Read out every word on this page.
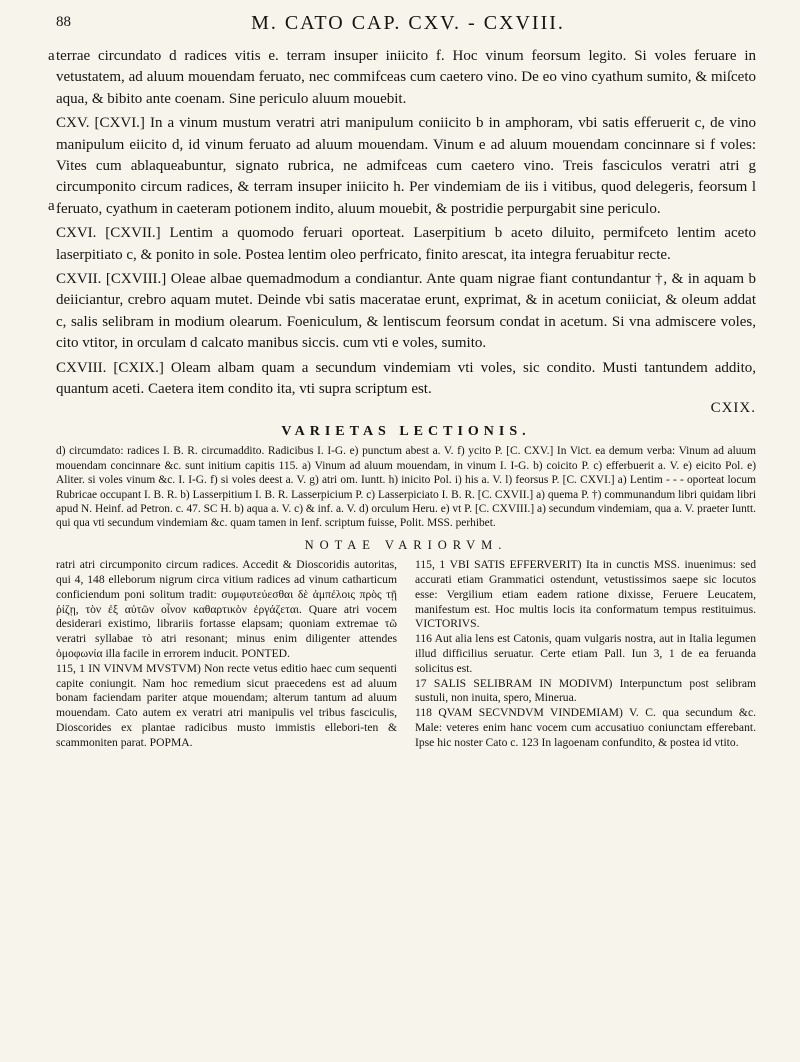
88	M. CATO CAP. CXV. - CXVIII.
a
a

terrae circundato d radices vitis e. terram insuper iniicito f. Hoc vinum feorsum legito. Si voles feruare in vetustatem, ad aluum mouendam feruato, nec commifceas cum caetero vino. De eo vino cyathum sumito, & miſceto aqua, & bibito ante coenam. Sine periculo aluum mouebit.

CXV. [CXVI.] In a vinum mustum veratri atri manipulum coniicito b in amphoram, vbi satis efferuerit c, de vino manipulum eiicito d, id vinum feruato ad aluum mouendam. Vinum e ad aluum mouendam concinnare si f voles: Vites cum ablaqueabuntur, signato rubrica, ne admifceas cum caetero vino. Treis fasciculos veratri atri g circumponito circum radices, & terram insuper iniicito h. Per vindemiam de iis i vitibus, quod delegeris, feorsum l feruato, cyathum in caeteram potionem indito, aluum mouebit, & postridie perpurgabit sine periculo.

CXVI. [CXVII.] Lentim a quomodo feruari oporteat. Laserpitium b aceto diluito, permifceto lentim aceto laserpitiato c, & ponito in sole. Postea lentim oleo perfricato, finito arescat, ita integra feruabitur recte.

CXVII. [CXVIII.] Oleae albae quemadmodum a condiantur. Ante quam nigrae fiant contundantur †, & in aquam b deiiciantur, crebro aquam mutet. Deinde vbi satis maceratae erunt, exprimat, & in acetum coniiciat, & oleum addat c, salis selibram in modium olearum. Foeniculum, & lentiscum feorsum condat in acetum. Si vna admiscere voles, cito vtitor, in orculam d calcato manibus siccis. cum vti e voles, sumito.

CXVIII. [CXIX.] Oleam albam quam a secundum vindemiam vti voles, sic condito. Musti tantundem addito, quantum aceti. Caetera item condito ita, vti supra scriptum est.

CXIX.
VARIETAS LECTIONIS.
d) circumdato: radices I. B. R. circumaddito. Radicibus I. I-G. e) punctum abest a. V. f) ycito P. [C. CXV.] In Vict. ea demum verba: Vinum ad aluum mouendam concinnare &c. sunt initium capitis 115. a) Vinum ad aluum mouendam, in vinum I. I-G. b) coicito P. c) efferbuerit a. V. e) eicito Pol. e) Aliter. si voles vinum &c. I. I-G. f) si voles deest a. V. g) atri om. Iuntt. h) inicito Pol. i) his a. V. l) feorsus P. [C. CXVI.] a) Lentim - - - oporteat locum Rubricae occupant I. B. R. b) Lasserpitium I. B. R. Lasserpicium P. c) Lasserpiciato I. B. R. [C. CXVII.] a) quema P. †) communandum libri quidam libri apud N. Heinf. ad Petron. c. 47. SC H. b) aqua a. V. c) & inf. a. V. d) orculum Heru. e) vt P. [C. CXVIII.] a) secundum vindemiam, qua a. V. praeter Iuntt. qui qua vti secundum vindemiam &c. quam tamen in Ienf. scriptum fuisse, Polit. MSS. perhibet.
NOTAE VARIORVM.
ratri atri circumponito circum radices. Accedit & Dioscoridis autoritas, qui 4, 148 elleborum nigrum circa vitium radices ad vinum catharticum conficiendum poni solitum tradit: συμφυτεύεσθαι δὲ ἀμπέλοις πρὸς τῇ ῥίζῃ, τὸν ἐξ αὐτῶν οἶνον καθαρτικὸν ἐργάζεται. Quare atri vocem desiderari existimo, librariis fortasse elapsam; quoniam extremae τῶ veratri syllabae τὸ atri resonant; minus enim diligenter attendes ὁμοφωνία illa facile in errorem inducit. PONTED.
115, 1 IN VINVM MVSTVM) Non recte vetus editio haec cum sequenti capite coniungit. Nam hoc remedium sicut praecedens est ad aluum bonam faciendam pariter atque mouendam; alterum tantum ad aluum mouendam. Cato autem ex veratri atri manipulis vel tribus fasciculis, Dioscorides ex plantae radicibus musto immistis ellebori-ten & scammoniten parat. POPMA.
115, 1 VBI SATIS EFFERVERIT) Ita in cunctis MSS. inuenimus: sed accurati etiam Grammatici ostendunt, vetustissimos saepe sic locutos esse: Vergilium etiam eadem ratione dixisse, Feruere Leucatem, manifestum est. Hoc multis locis ita conformatum tempus restituimus. VICTORIVS.
116 Aut alia lens est Catonis, quam vulgaris nostra, aut in Italia legumen illud difficilius seruatur. Certe etiam Pall. Iun 3, 1 de ea feruanda solicitus est.
17 SALIS SELIBRAM IN MODIVM) Interpunctum post selibram sustuli, non inuita, spero, Minerua.
118 QVAM SECVNDVM VINDEMIAM) V. C. qua secundum &c. Male: veteres enim hanc vocem cum accusatiuo coniunctam efferebant. Ipse hic noster Cato c. 123 In lagoenam confundito, & postea id vtito.
